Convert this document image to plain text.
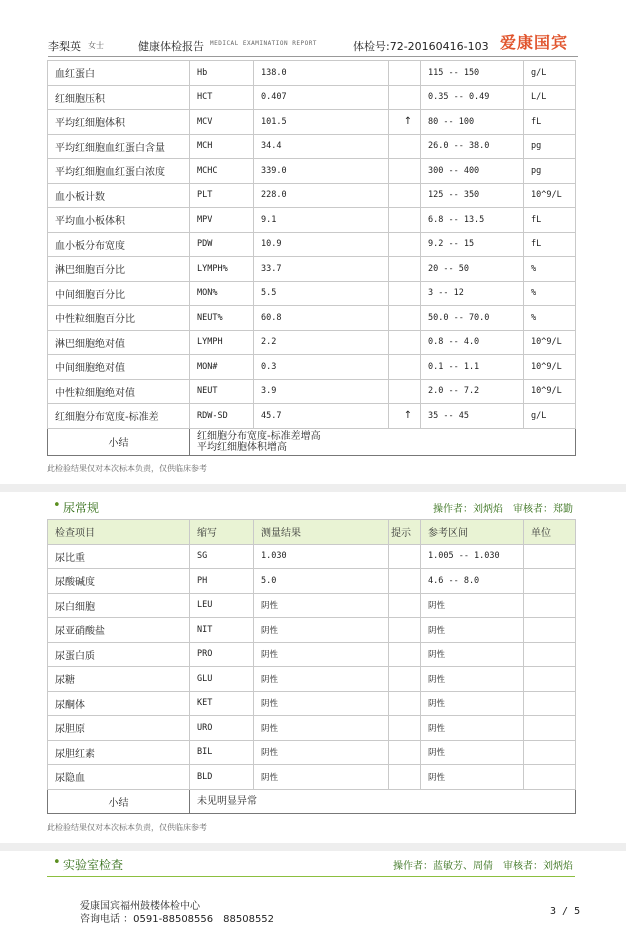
李梨英 女士	健康体检报告 MEDICAL EXAMINATION REPORT	体检号:72-20160416-103 爱康国宾
血红蛋白	Hb	138.0		115 -- 150	g/L
红细胞压积	HCT	0.407		0.35 -- 0.49	L/L
平均红细胞体积	MCV	101.5	↑	80 -- 100	fL
平均红细胞血红蛋白含量	MCH	34.4		26.0 -- 38.0	pg
平均红细胞血红蛋白浓度	MCHC	339.0		300 -- 400	pg
血小板计数	PLT	228.0		125 -- 350	10^9/L
平均血小板体积	MPV	9.1		6.8 -- 13.5	fL
血小板分布宽度	PDW	10.9		9.2 -- 15	fL
淋巴细胞百分比	LYMPH%	33.7		20 -- 50	%
中间细胞百分比	MON%	5.5		3 -- 12	%
中性粒细胞百分比	NEUT%	60.8		50.0 -- 70.0	%
淋巴细胞绝对值	LYMPH	2.2		0.8 -- 4.0	10^9/L
中间细胞绝对值	MON#	0.3		0.1 -- 1.1	10^9/L
中性粒细胞绝对值	NEUT	3.9		2.0 -- 7.2	10^9/L
红细胞分布宽度-标准差	RDW-SD	45.7	↑	35 -- 45	g/L
小结	红细胞分布宽度-标准差增高
平均红细胞体积增高				
此检验结果仅对本次标本负责，仅供临床参考
• 尿常规	操作者：刘炳焰　审核者：郑勤
检查项目	缩写	测量结果	提示	参考区间	单位
尿比重	SG	1.030		1.005 -- 1.030	
尿酸碱度	PH	5.0		4.6 -- 8.0	
尿白细胞	LEU	阴性		阴性	
尿亚硝酸盐	NIT	阴性		阴性	
尿蛋白质	PRO	阴性		阴性	
尿糖	GLU	阴性		阴性	
尿酮体	KET	阴性		阴性	
尿胆原	URO	阴性		阴性	
尿胆红素	BIL	阴性		阴性	
尿隐血	BLD	阴性		阴性	
小结	未见明显异常				
此检验结果仅对本次标本负责，仅供临床参考
• 实验室检查	操作者：蓝敏芳、周倩　审核者：刘炳焰
爱康国宾福州鼓楼体检中心
咨询电话 ：0591-88508556　88508552
3 / 5
